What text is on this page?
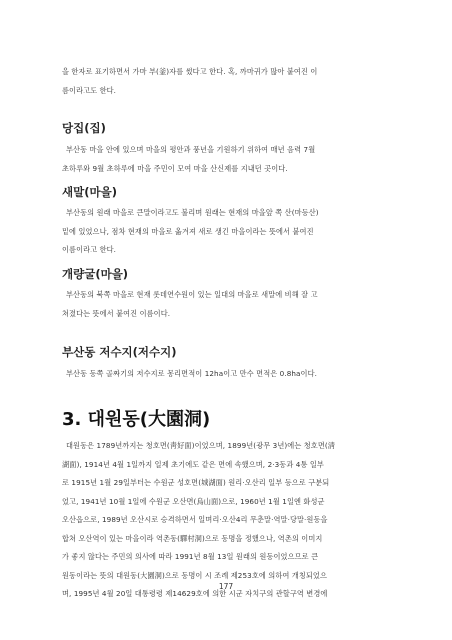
을 한자로 표기하면서 가마 부(釜)자를 썼다고 한다. 혹, 까마귀가 많아 붙여진 이
름이라고도 한다.
당집(집)
부산동 마을 안에 있으며 마을의 평안과 풍년을 기원하기 위하여 매년 음력 7월
초하루와 9월 초하루에 마을 주민이 모여 마을 산신제를 지내던 곳이다.
새말(마을)
부산동의 원래 마을로 큰말이라고도 불리며 원래는 현재의 마을앞 쪽 산(마등산)
밑에 있었으나, 점차 현재의 마을로 옮겨져 새로 생긴 마을이라는 뜻에서 붙여진
이름이라고 한다.
개량굴(마을)
부산동의 북쪽 마을로 현재 롯데연수원이 있는 일대의 마을로 새말에 비해 잘 고
쳐졌다는 뜻에서 붙여진 이름이다.
부산동 저수지(저수지)
부산동 동쪽 골짜기의 저수지로 몽리면적이 12ha이고 만수 면적은 0.8ha이다.
3. 대원동(大園洞)
대원동은 1789년까지는 청호면(靑好面)이었으며, 1899년(광무 3년)에는 청호면(淸
湖面), 1914년 4월 1일까지 일제 초기에도 같은 면에 속했으며, 2·3동과 4통 일부
로 1915년 1월 29일부터는 수원군 성호면(城湖面) 원리·오산리 일부 등으로 구분되
었고, 1941년 10월 1일에 수원군 오산면(烏山面)으로, 1960년 1월 1일엔 화성군
오산읍으로, 1989년 오산시로 승격하면서 일며리·오산4리 무춘말·역말·당말·원동을
합쳐 오산역이 있는 마을이라 역촌동(驛村洞)으로 동명을 정했으나, 역촌의 이미지
가 좋지 않다는 주민의 의사에 따라 1991년 8월 13일 원래의 원동이었으므로 큰
원동이라는 뜻의 대원동(大園洞)으로 동명이 시 조례 제253호에 의하여 개칭되었으
며, 1995년 4월 20일 대통령령 제14629호에 의한 시군 자치구의 관할구역 변경에
177
